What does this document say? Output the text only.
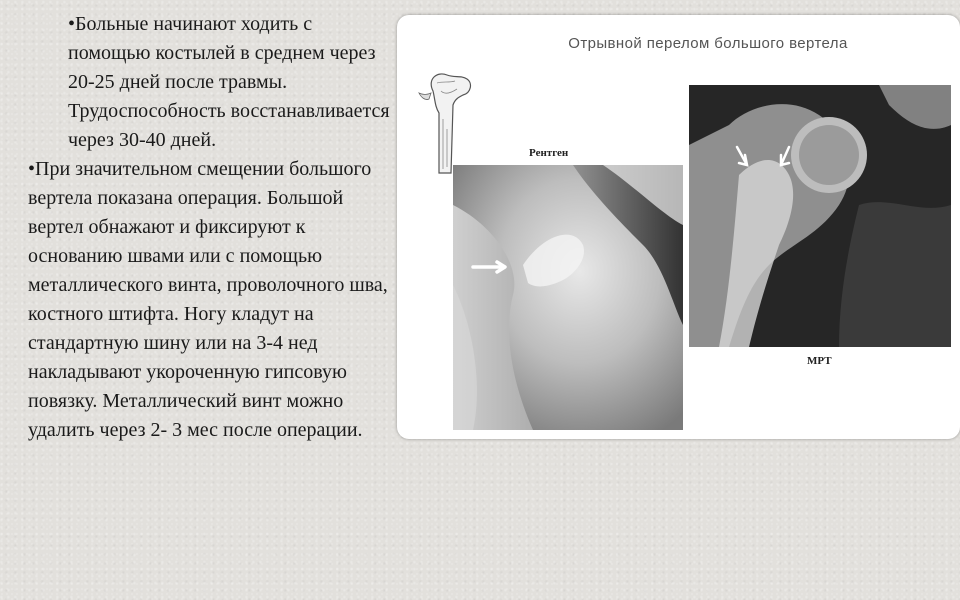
•Больные начинают ходить с помощью костылей в среднем через 20-25 дней после травмы. Трудоспособность восстанавливается через 30-40 дней.

•При значительном смещении большого вертела показана операция. Большой вертел обнажают и фиксируют к основанию швами или с помощью металлического винта, проволочного шва, костного штифта. Ногу кладут на стандартную шину или на 3-4 нед накладывают укороченную гипсовую повязку. Металлический винт можно удалить через 2- 3 мес после операции.

Отрывной перелом большого вертела
Рентген
МРТ
